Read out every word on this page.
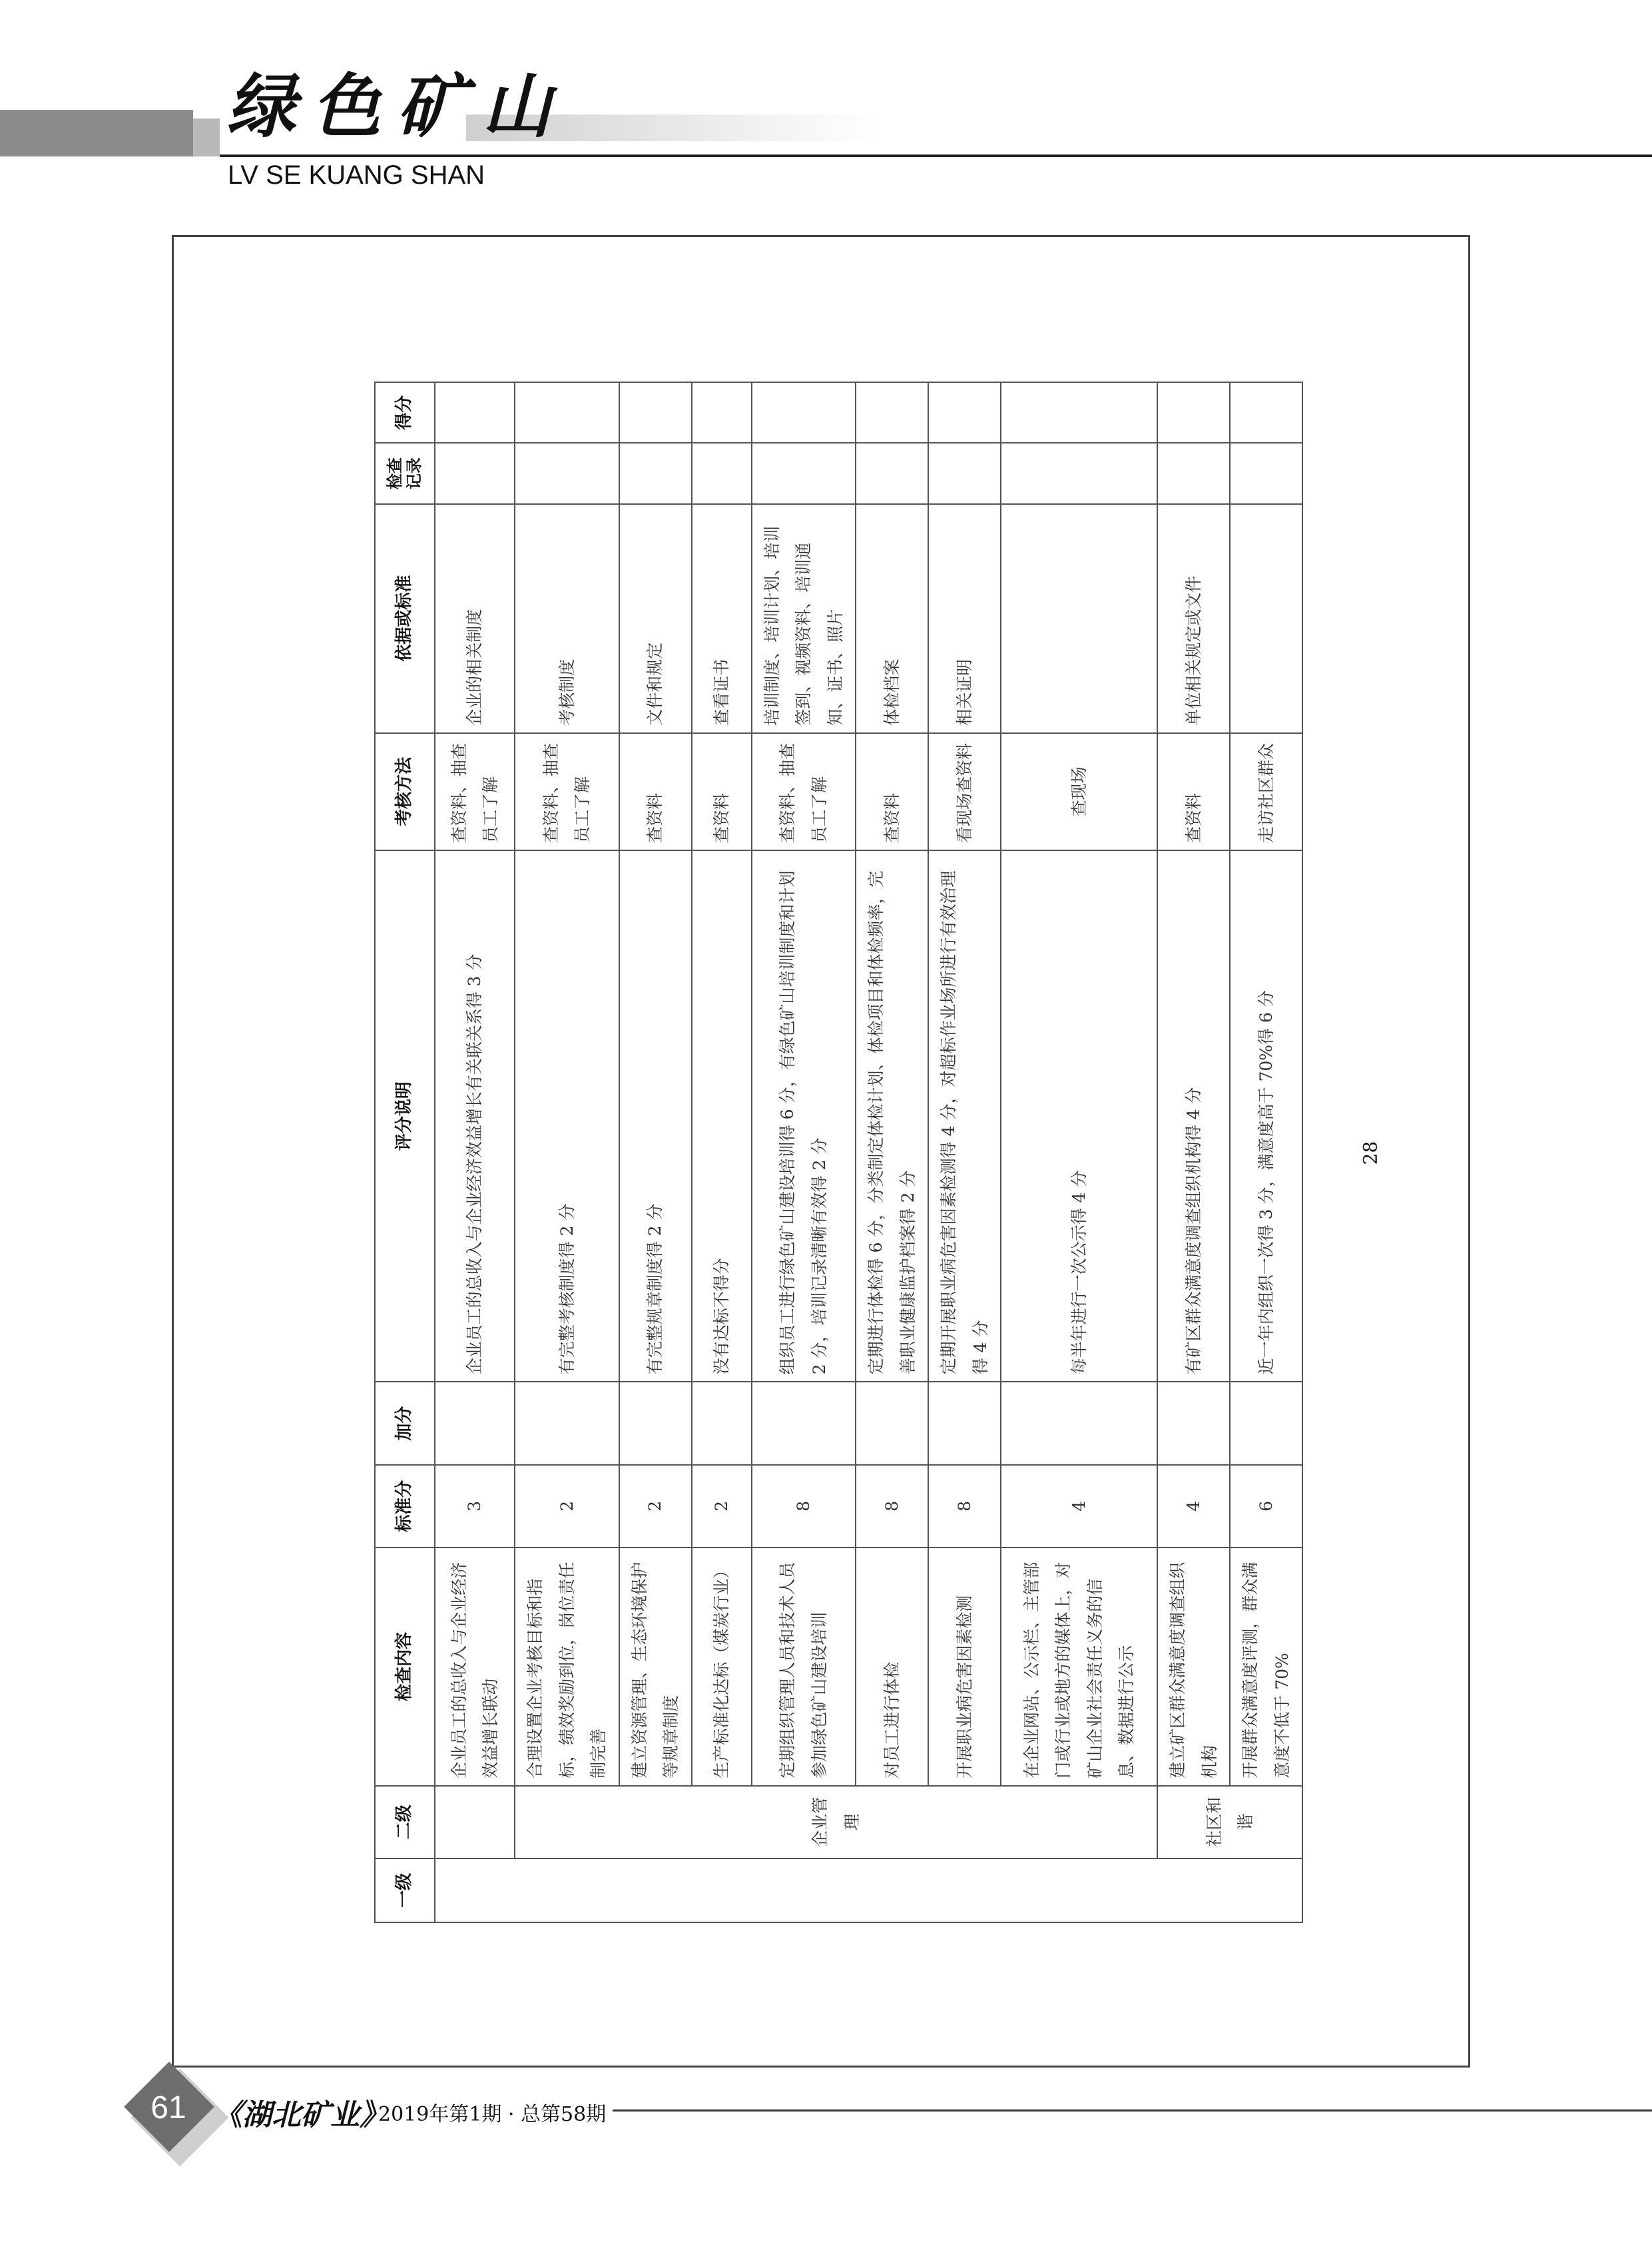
绿色矿山
LV SE KUANG SHAN
一级	二级	检查内容	标准分	加分	评分说明	考核方法	依据或标准	检查记录	得分
		企业员工的总收入与企业经济效益增长联动	3		企业员工的总收入与企业经济效益增长有关联关系得 3 分	查资料、抽查员工了解	企业的相关制度		
	企业管理	合理设置企业考核目标和指标，绩效奖励到位，岗位责任制完善	2		有完整考核制度得 2 分	查资料、抽查员工了解	考核制度		
		建立资源管理、生态环境保护等规章制度	2		有完整规章制度得 2 分	查资料	文件和规定		
		生产标准化达标（煤炭行业）	2		没有达标不得分	查资料	查看证书		
		定期组织管理人员和技术人员参加绿色矿山建设培训	8		组织员工进行绿色矿山建设培训得 6 分，有绿色矿山培训制度和计划 2 分，培训记录清晰有效得 2 分	查资料、抽查员工了解	培训制度、培训计划、培训签到、视频资料、培训通知、证书、照片		
		对员工进行体检	8		定期进行体检得 6 分，分类制定体检计划、体检项目和体检频率，完善职业健康监护档案得 2 分	查资料	体检档案		
		开展职业病危害因素检测	8		定期开展职业病危害因素检测得 4 分，对超标作业场所进行有效治理得 4 分	看现场查资料	相关证明		
		在企业网站、公示栏、主管部门或行业或地方的媒体上，对矿山企业社会责任义务的信息、数据进行公示	4		每半年进行一次公示得 4 分	查现场			
	社区和谐	建立矿区群众满意度调查组织机构	4		有矿区群众满意度调查组织机构得 4 分	查资料	单位相关规定或文件		
		开展群众满意度评测，群众满意度不低于 70%	6		近一年内组织一次得 3 分，满意度高于 70%得 6 分	走访社区群众			
28
61 《湖北矿业》
2019年第1期 · 总第58期
